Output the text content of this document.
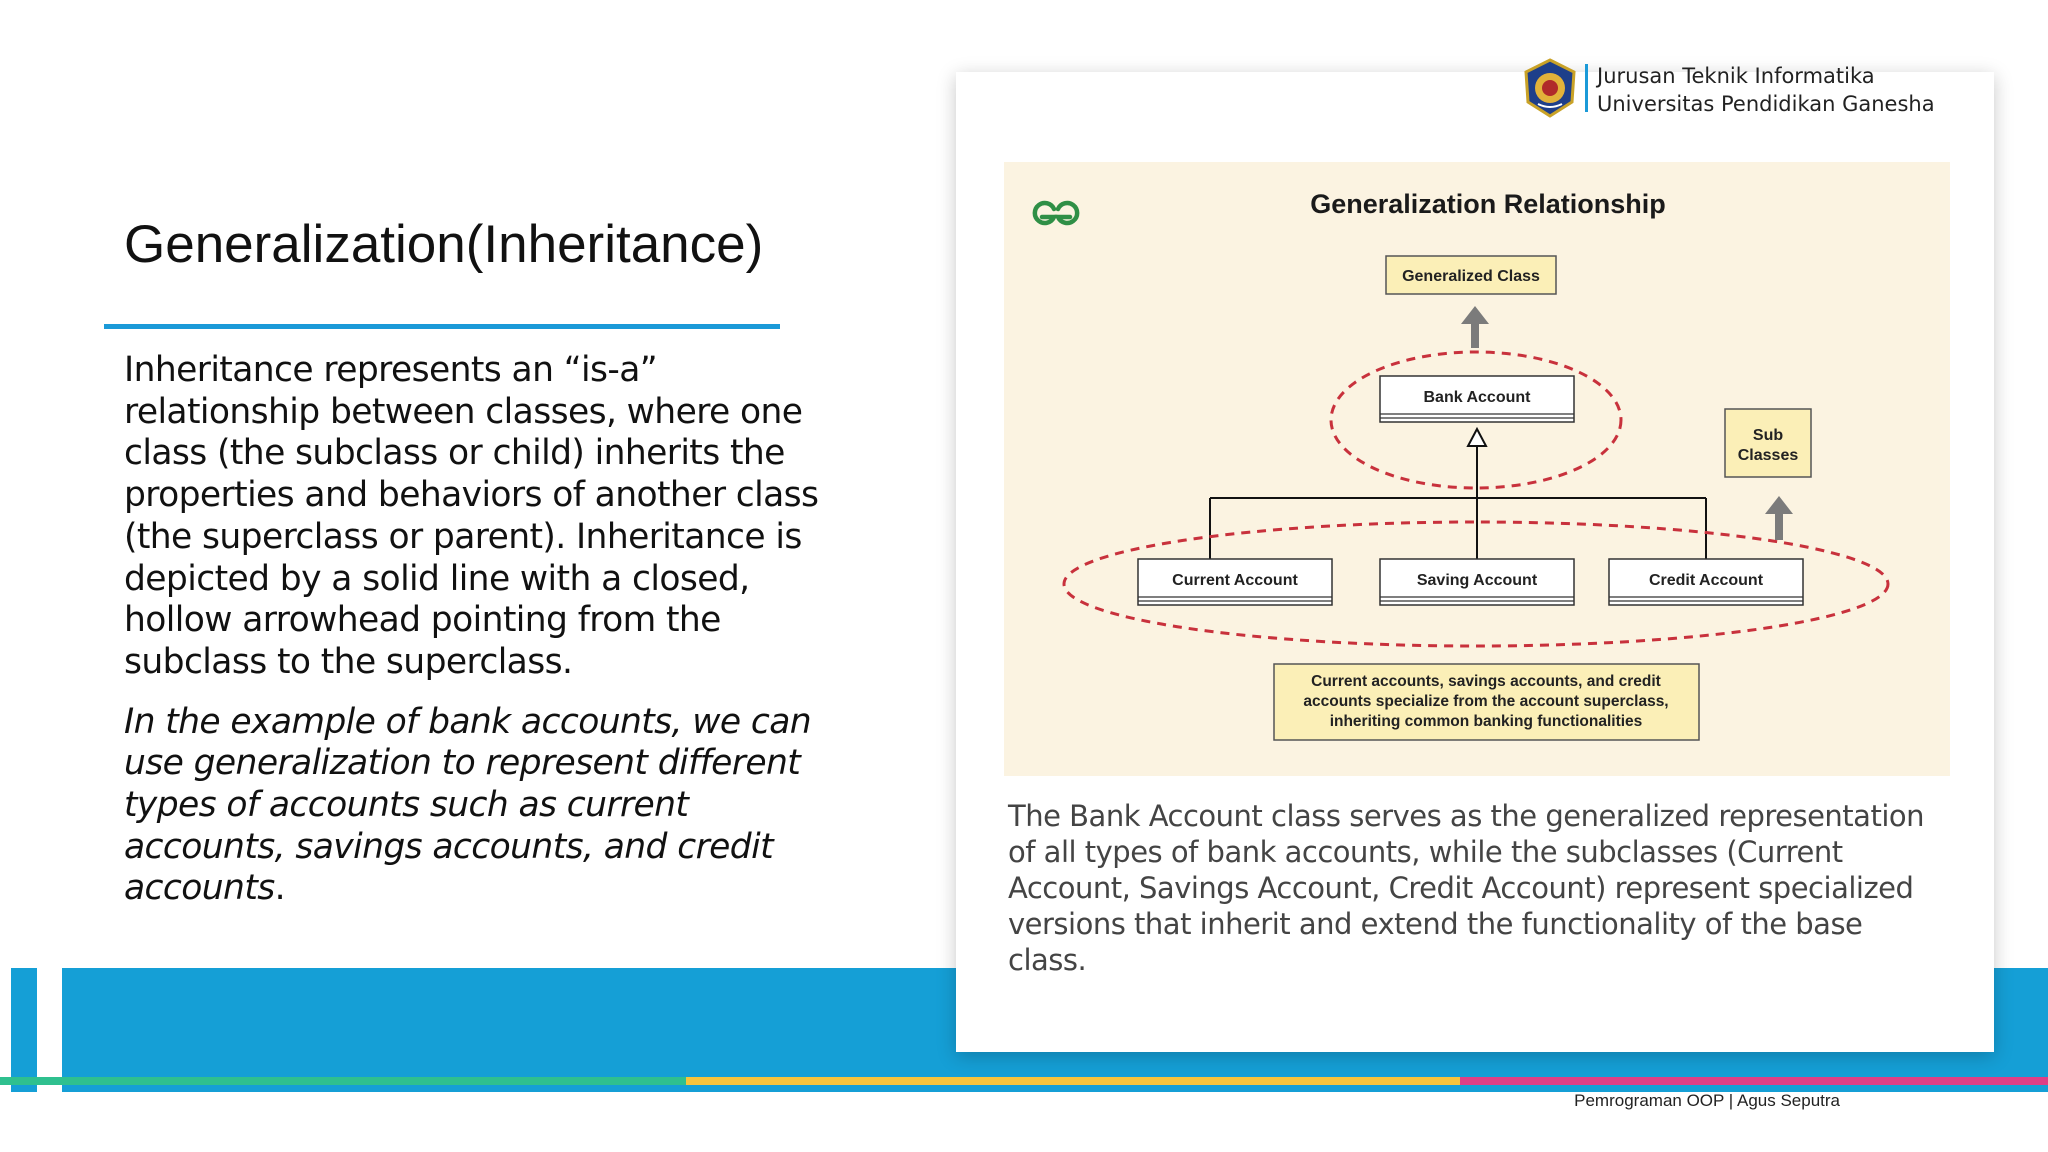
Pemrograman OOP | Agus Seputra
Generalization(Inheritance)

Inheritance represents an “is-a” relationship between classes, where one class (the subclass or child) inherits the properties and behaviors of another class (the superclass or parent). Inheritance is depicted by a solid line with a closed, hollow arrowhead pointing from the subclass to the superclass.

In the example of bank accounts, we can use generalization to represent different types of accounts such as current accounts, savings accounts, and credit accounts.

Jurusan Teknik Informatika
Universitas Pendidikan Ganesha
Generalization Relationship
Generalized Class
Bank Account
Sub
Classes
Current Account	Saving Account	Credit Account
Current accounts, savings accounts, and credit
accounts specialize from the account superclass,
inheriting common banking functionalities
The Bank Account class serves as the generalized representation of all types of bank accounts, while the subclasses (Current Account, Savings Account, Credit Account) represent specialized versions that inherit and extend the functionality of the base class.
